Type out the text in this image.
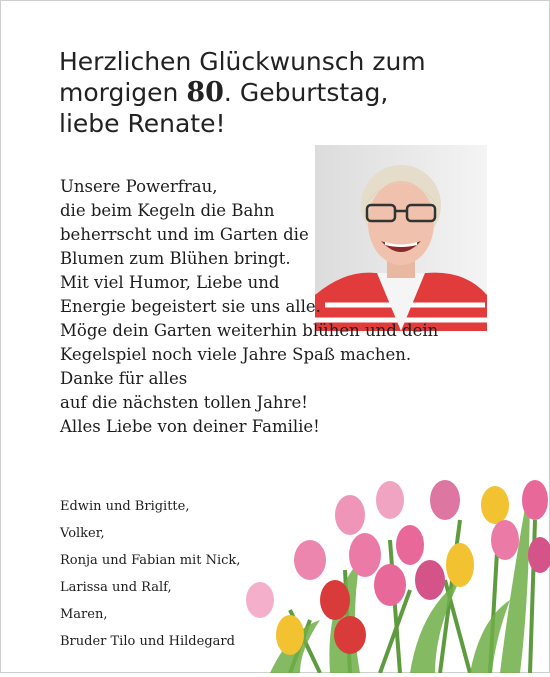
Herzlichen Glückwunsch zum
morgigen 80. Geburtstag,
liebe Renate!
Unsere Powerfrau,
die beim Kegeln die Bahn
beherrscht und im Garten die
Blumen zum Blühen bringt.
Mit viel Humor, Liebe und
Energie begeistert sie uns alle.
Möge dein Garten weiterhin blühen und dein
Kegelspiel noch viele Jahre Spaß machen.
Danke für alles
auf die nächsten tollen Jahre!
Alles Liebe von deiner Familie!
Edwin und Brigitte,
Volker,
Ronja und Fabian mit Nick,
Larissa und Ralf,
Maren,
Bruder Tilo und Hildegard
